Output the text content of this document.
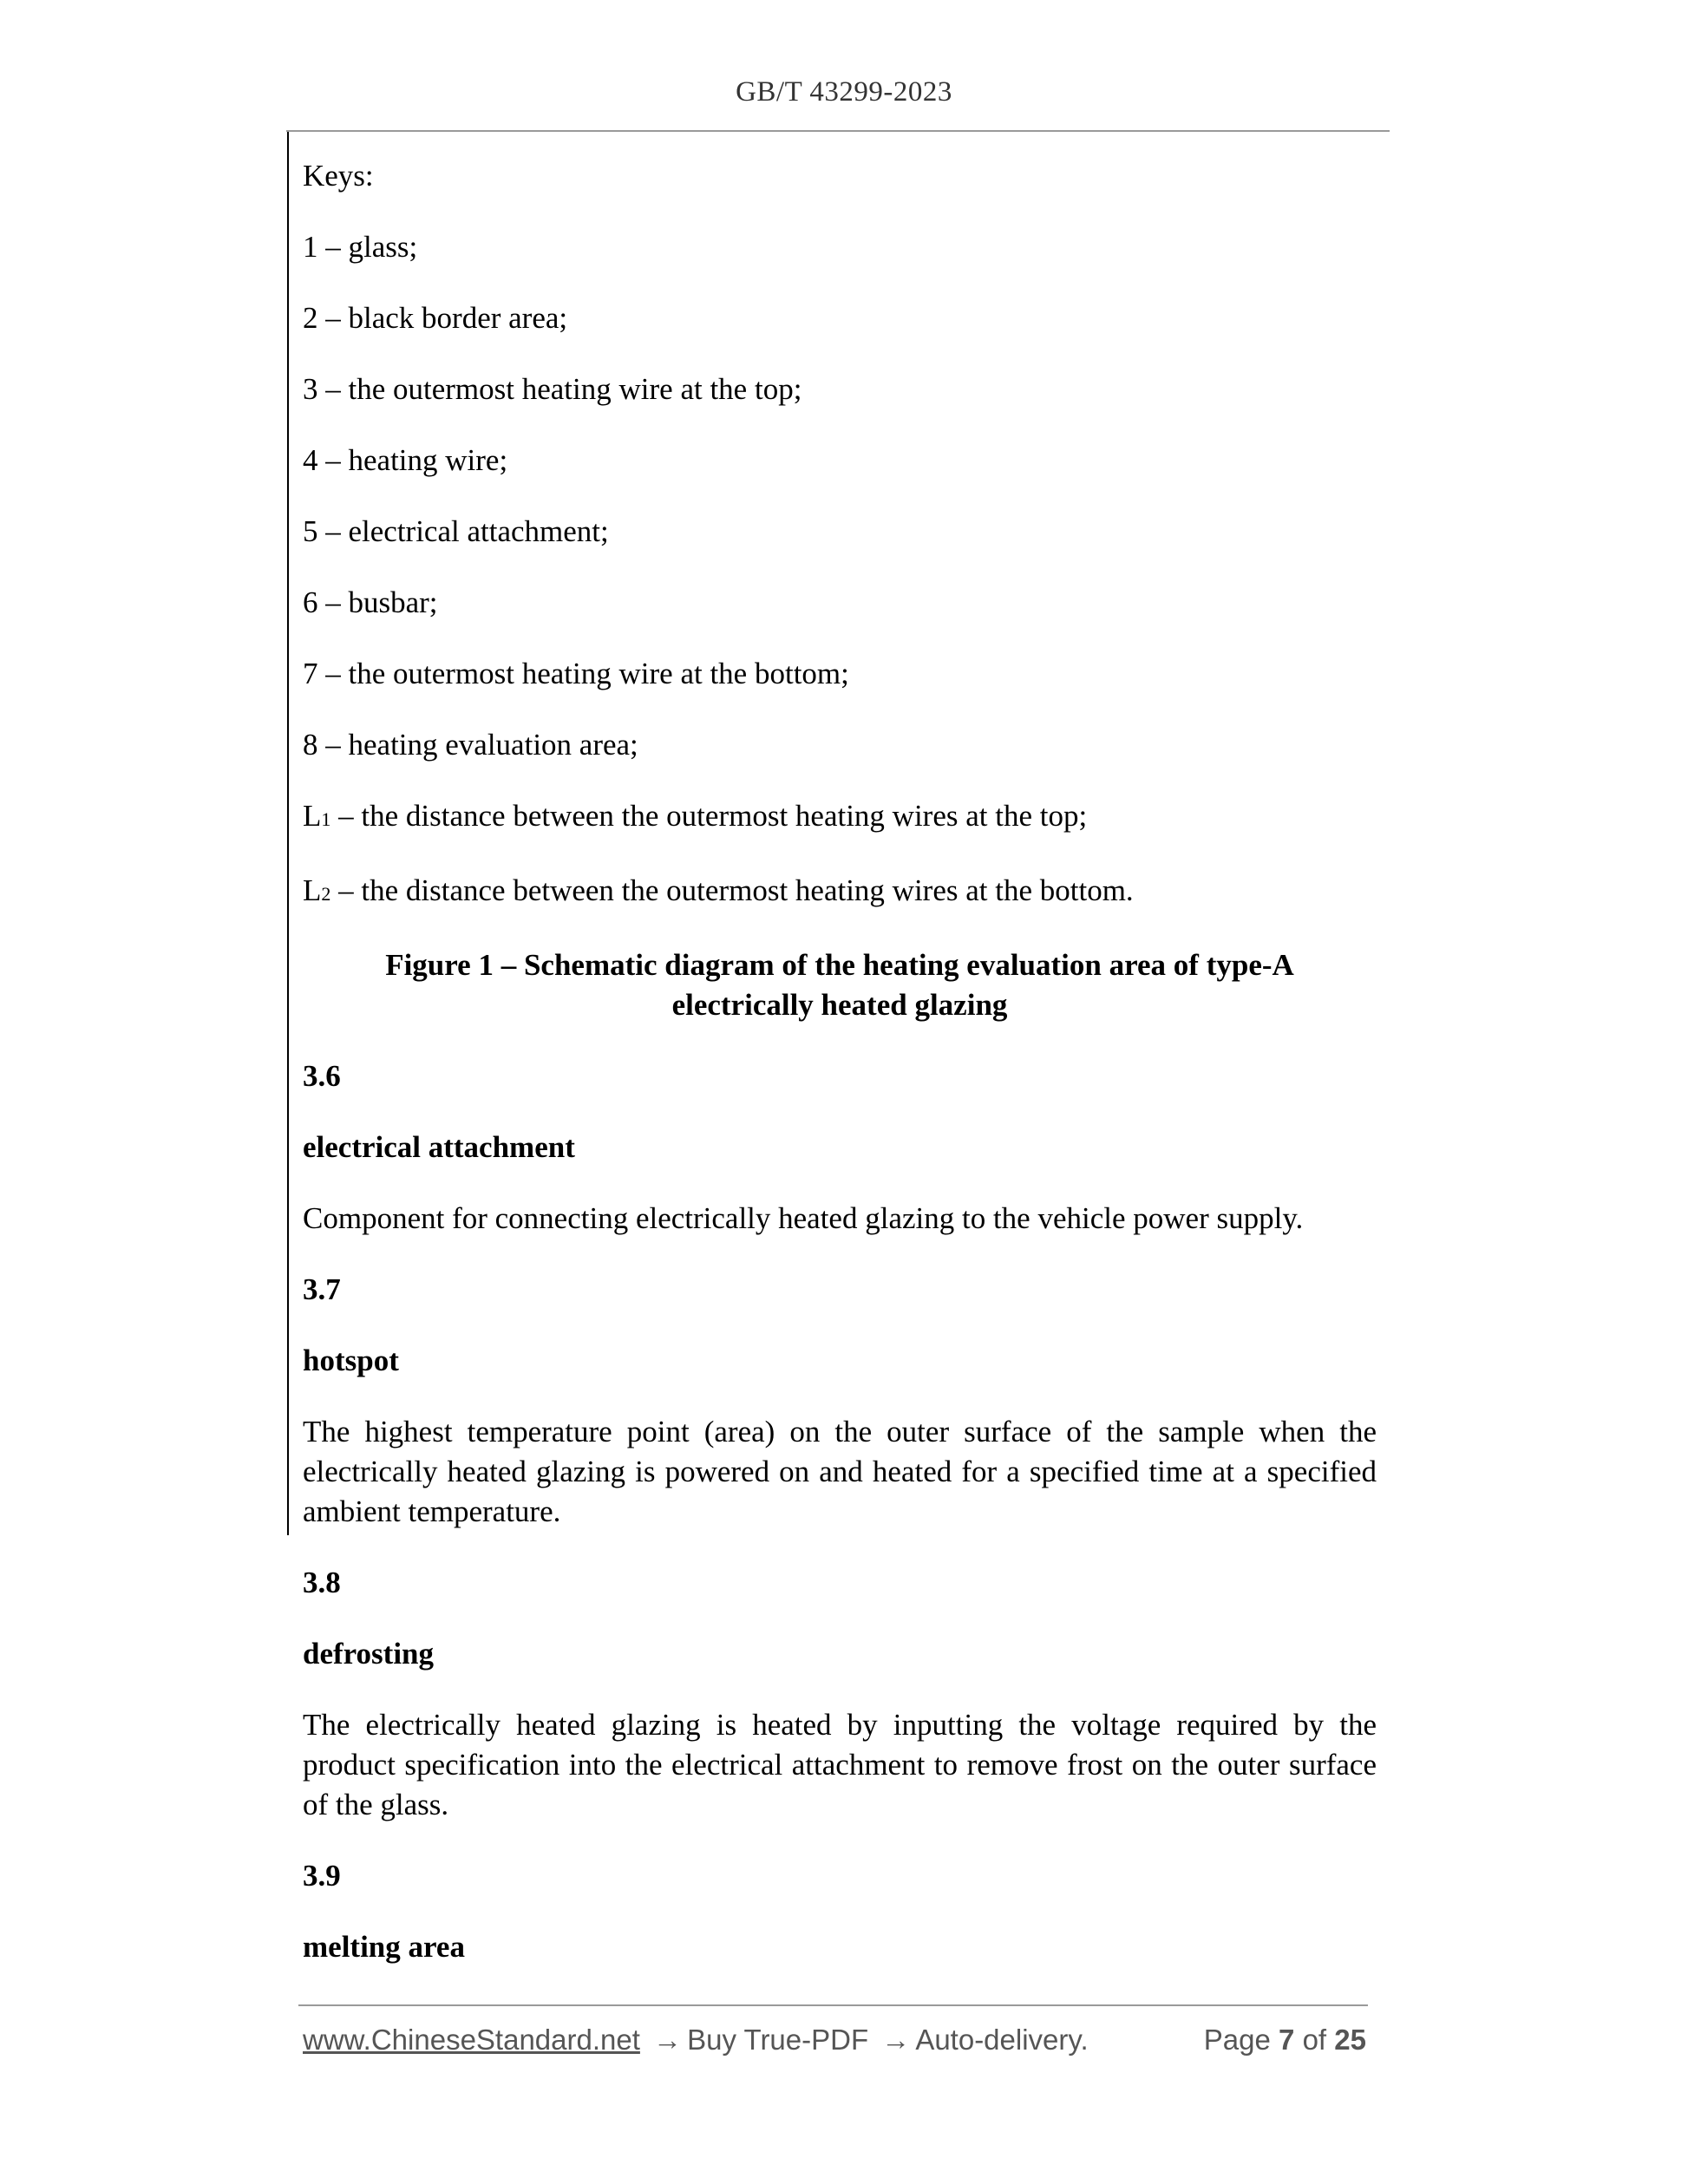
GB/T 43299-2023

Keys:

1 – glass;

2 – black border area;

3 – the outermost heating wire at the top;

4 – heating wire;

5 – electrical attachment;

6 – busbar;

7 – the outermost heating wire at the bottom;

8 – heating evaluation area;

L1 – the distance between the outermost heating wires at the top;

L2 – the distance between the outermost heating wires at the bottom.

Figure 1 – Schematic diagram of the heating evaluation area of type-A
electrically heated glazing

3.6

electrical attachment

Component for connecting electrically heated glazing to the vehicle power supply.

3.7

hotspot

The highest temperature point (area) on the outer surface of the sample when the electrically heated glazing is powered on and heated for a specified time at a specified ambient temperature.

3.8

defrosting

The electrically heated glazing is heated by inputting the voltage required by the product specification into the electrical attachment to remove frost on the outer surface of the glass.

3.9

melting area

www.ChineseStandard.net → Buy True-PDF → Auto-delivery.	Page 7 of 25
